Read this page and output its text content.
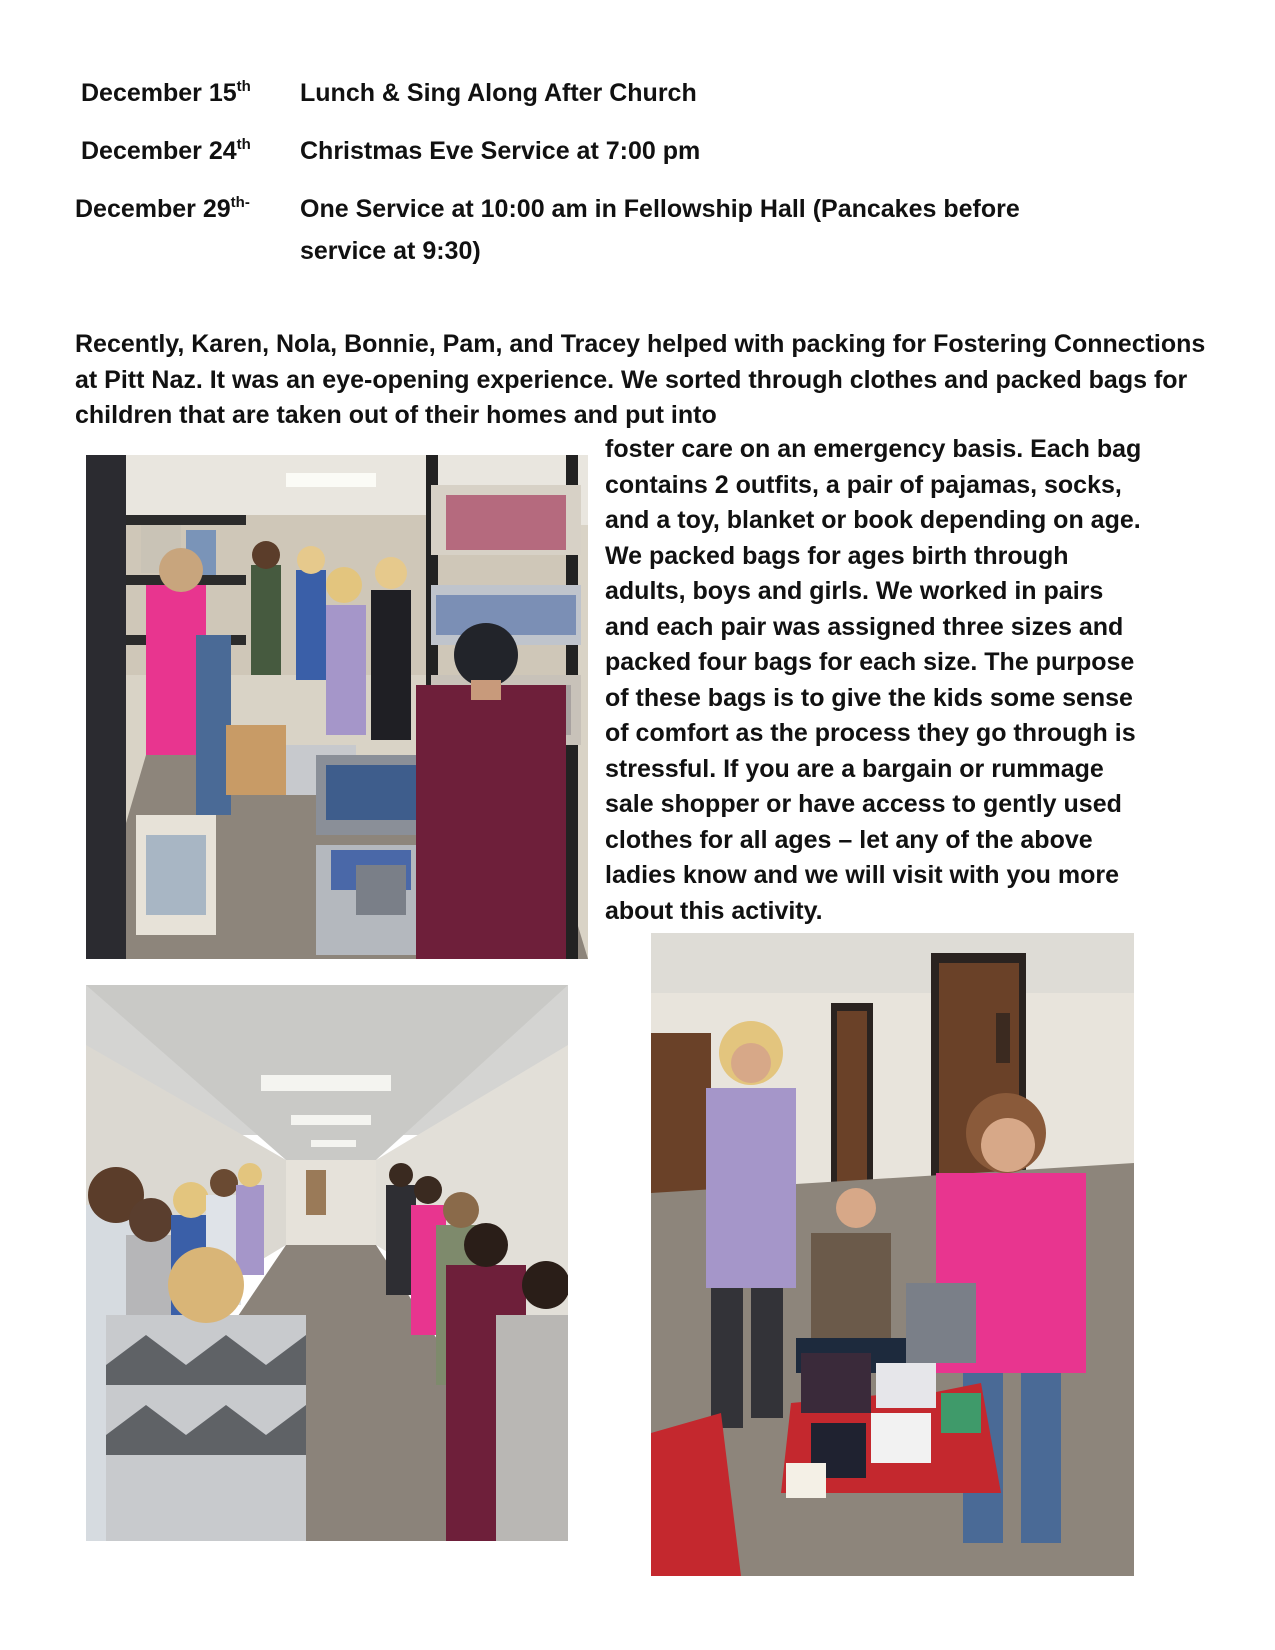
December 15th Lunch & Sing Along After Church
December 24th Christmas Eve Service at 7:00 pm
December $29^{th-}$ One Service at 10:00 am in Fellowship Hall (Pancakes before service at 9:30)

Recently, Karen, Nola, Bonnie, Pam, and Tracey helped with packing for Fostering Connections at Pitt Naz. It was an eye-opening experience. We sorted through clothes and packed bags for children that are taken out of their homes and put into

foster care on an emergency basis. Each bag
contains 2 outfits, a pair of pajamas, socks,
and a toy, blanket or book depending on age.
We packed bags for ages birth through
adults, boys and girls. We worked in pairs
and each pair was assigned three sizes and
packed four bags for each size. The purpose
of these bags is to give the kids some sense
of comfort as the process they go through is
stressful. If you are a bargain or rummage
sale shopper or have access to gently used
clothes for all ages – let any of the above
ladies know and we will visit with you more
about this activity.
